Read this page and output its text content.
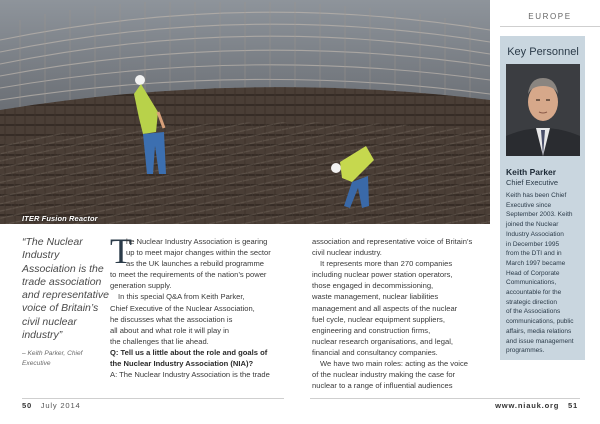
ITER Fusion Reactor
EUROPE
Key Personnel
Keith Parker
Chief Executive
Keith has been Chief
Executive since
September 2003. Keith
joined the Nuclear
Industry Association
in December 1995
from the DTI and in
March 1997 became
Head of Corporate
Communications,
accountable for the
strategic direction
of the Associations
communications, public
affairs, media relations
and issue management
programmes.
“The Nuclear
Industry
Association is the
trade association
and representative
voice of Britain’s
civil nuclear
industry”
– Keith Parker, Chief
Executive
T
he Nuclear Industry Association is gearing
up to meet major changes within the sector
as the UK launches a rebuild programme
to meet the requirements of the nation’s power
generation supply.
In this special Q&A from Keith Parker,
Chief Executive of the Nuclear Association,
he discusses what the association is
all about and what role it will play in
the challenges that lie ahead.
Q: Tell us a little about the role and goals of
the Nuclear Industry Association (NIA)?
A: The Nuclear Industry Association is the trade
association and representative voice of Britain’s
civil nuclear industry.
It represents more than 270 companies
including nuclear power station operators,
those engaged in decommissioning,
waste management, nuclear liabilities
management and all aspects of the nuclear
fuel cycle, nuclear equipment suppliers,
engineering and construction firms,
nuclear research organisations, and legal,
financial and consultancy companies.
We have two main roles: acting as the voice
of the nuclear industry making the case for
nuclear to a range of influential audiences
50 July 2014	www.niauk.org 51
